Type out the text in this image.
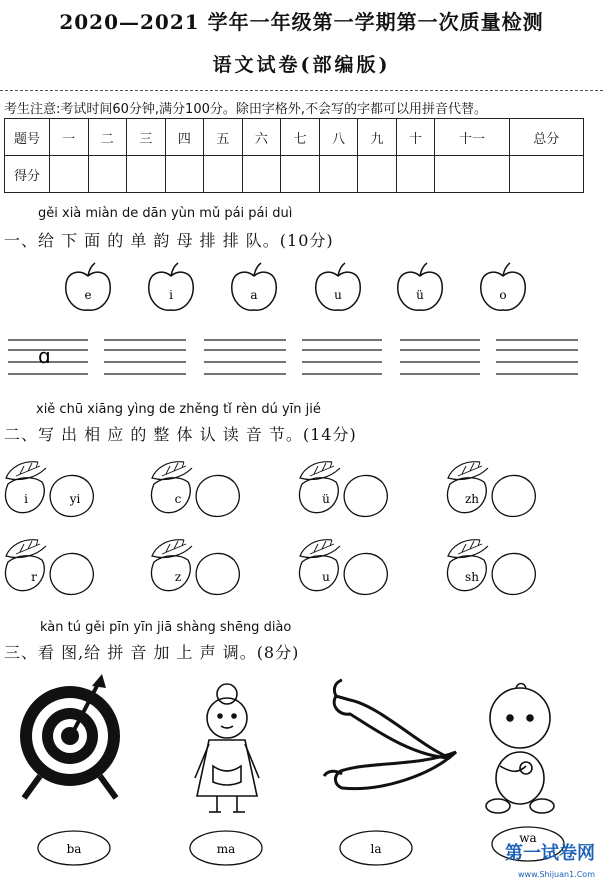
2020—2021 学年一年级第一学期第一次质量检测
语文试卷(部编版)
考生注意:考试时间60分钟,满分100分。除田字格外,不会写的字都可以用拼音代替。
题号	一	二	三	四	五	六	七	八	九	十	十一	总分
得分												
gěi xià miàn de dān yùn mǔ pái pái duì
一、给 下 面 的 单 韵 母 排 排 队。(10分)
e	i	a	u	ü	o
ɑ
xiě chū xiāng yìng de zhěng tǐ rèn dú yīn jié
二、写 出 相 应 的 整 体 认 读 音 节。(14分)
i	yi	c	ü	zh
r	z	u	sh
kàn tú gěi pīn yīn jiā shàng shēng diào
三、看 图,给 拼 音 加 上 声 调。(8分)
ba	ma	la
wa
第一试卷网
www.Shijuan1.Com
